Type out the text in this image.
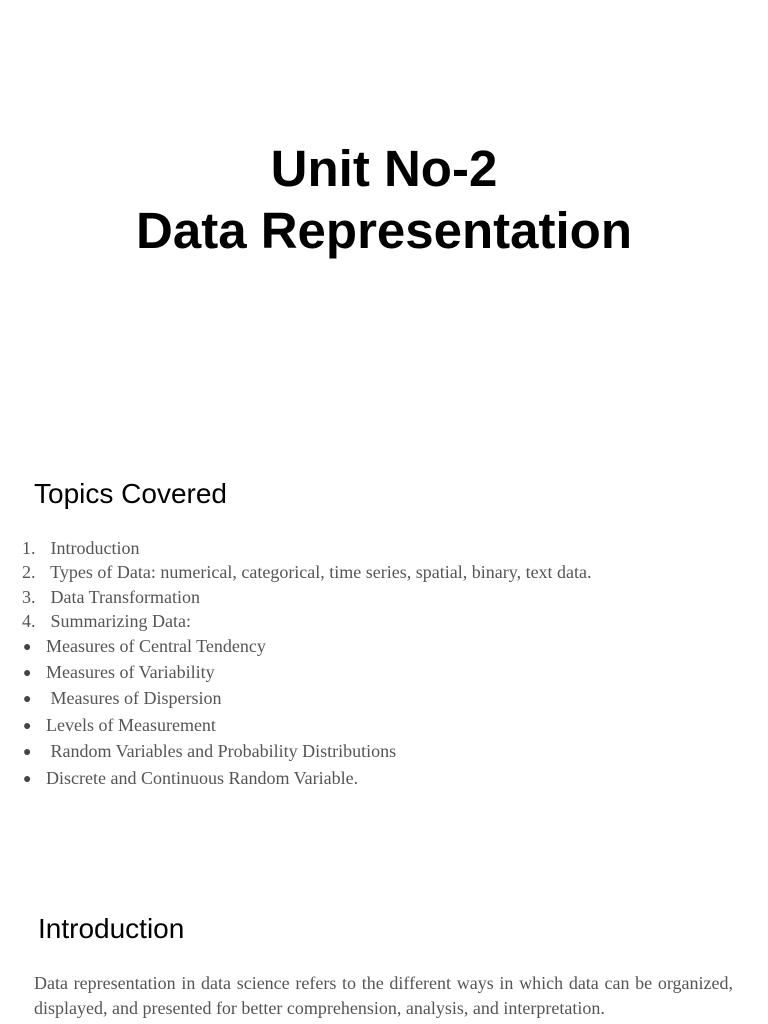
Unit No-2
Data Representation
Topics Covered
1. Introduction
2. Types of Data: numerical, categorical, time series, spatial, binary, text data.
3. Data Transformation
4. Summarizing Data:
● Measures of Central Tendency
● Measures of Variability
● Measures of Dispersion
● Levels of Measurement
● Random Variables and Probability Distributions
● Discrete and Continuous Random Variable.
Introduction

Data representation in data science refers to the different ways in which data can be organized, displayed, and presented for better comprehension, analysis, and interpretation.
